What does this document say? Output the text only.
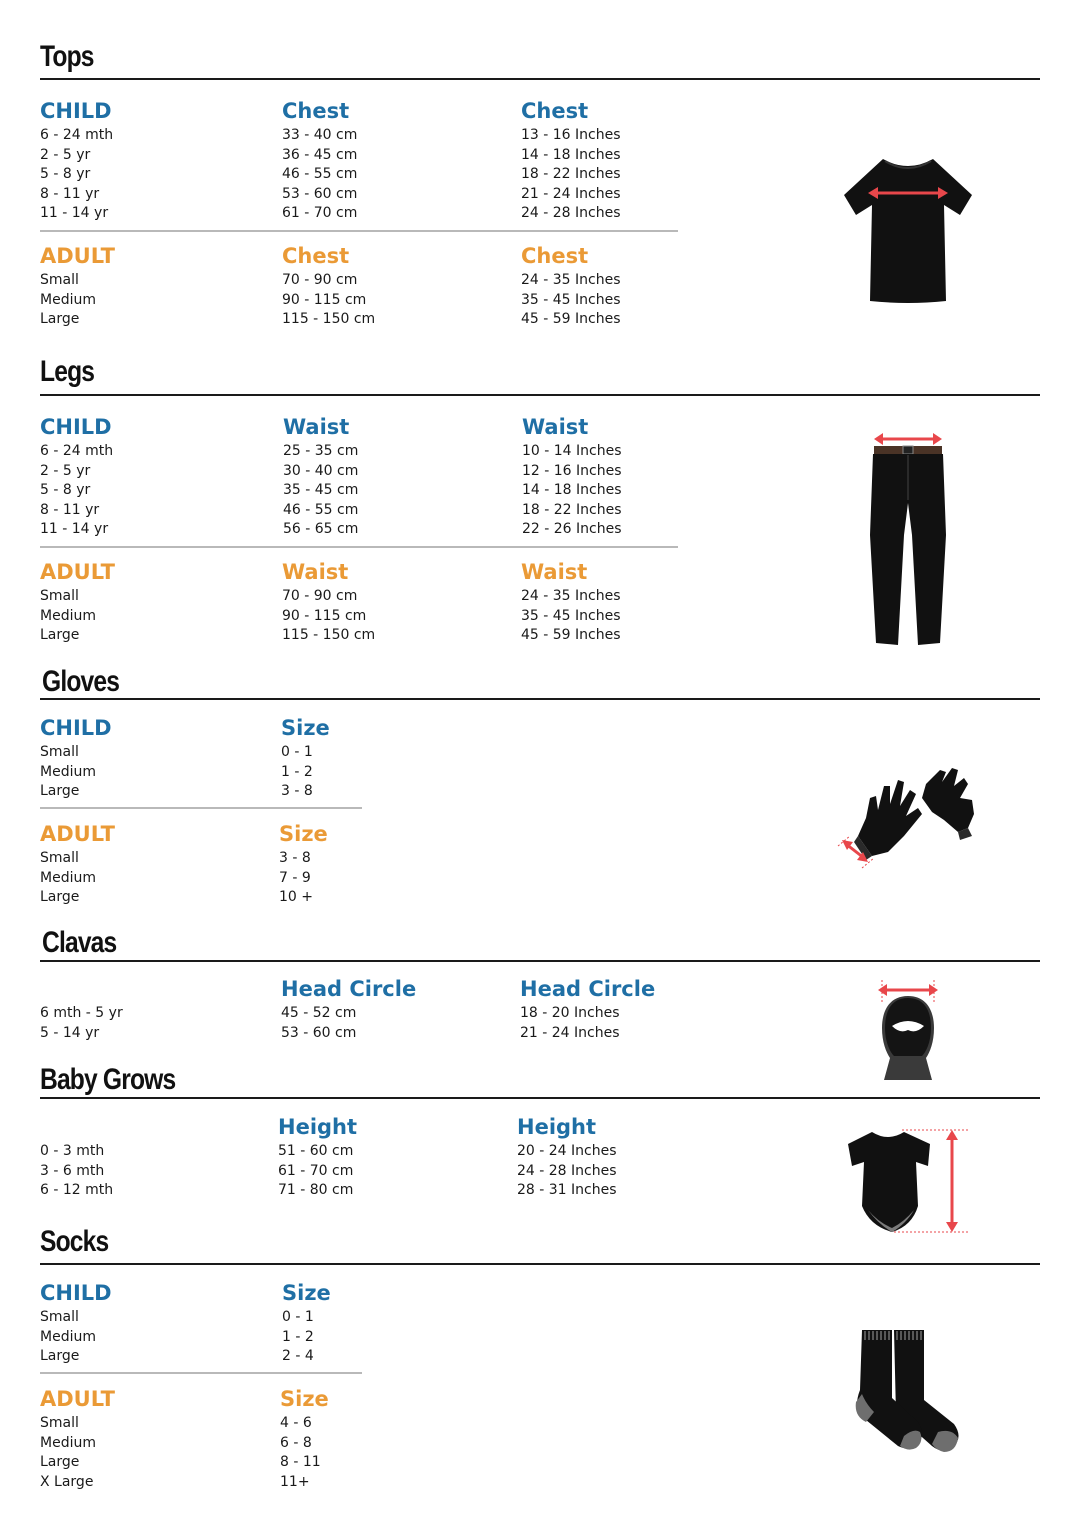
Tops
CHILD
6 - 24 mth
2 - 5 yr
5 - 8 yr
8 - 11 yr
11 - 14 yr
Chest
33 - 40 cm
36 - 45 cm
46 - 55 cm
53 - 60 cm
61 - 70 cm
Chest
13 - 16 Inches
14 - 18 Inches
18 - 22 Inches
21 - 24 Inches
24 - 28 Inches
ADULT
Small
Medium
Large
Chest
70 - 90 cm
90 - 115 cm
115 - 150 cm
Chest
24 - 35 Inches
35 - 45 Inches
45 - 59 Inches
Legs
CHILD
6 - 24 mth
2 - 5 yr
5 - 8 yr
8 - 11 yr
11 - 14 yr
Waist
25 - 35 cm
30 - 40 cm
35 - 45 cm
46 - 55 cm
56 - 65 cm
Waist
10 - 14 Inches
12 - 16 Inches
14 - 18 Inches
18 - 22 Inches
22 - 26 Inches
ADULT
Small
Medium
Large
Waist
70 - 90 cm
90 - 115 cm
115 - 150 cm
Waist
24 - 35 Inches
35 - 45 Inches
45 - 59 Inches
Gloves
CHILD
Small
Medium
Large
Size
0 - 1
1 - 2
3 - 8
ADULT
Small
Medium
Large
Size
3 - 8
7 - 9
10 +
Clavas
6 mth - 5 yr
5 - 14 yr
Head Circle
45 - 52 cm
53 - 60 cm
Head Circle
18 - 20 Inches
21 - 24 Inches
Baby Grows
0 - 3 mth
3 - 6 mth
6 - 12 mth
Height
51 - 60 cm
61 - 70 cm
71 - 80 cm
Height
20 - 24 Inches
24 - 28 Inches
28 - 31 Inches
Socks
CHILD
Small
Medium
Large
Size
0 - 1
1 - 2
2 - 4
ADULT
Small
Medium
Large
X Large
Size
4 - 6
6 - 8
8 - 11
11+
